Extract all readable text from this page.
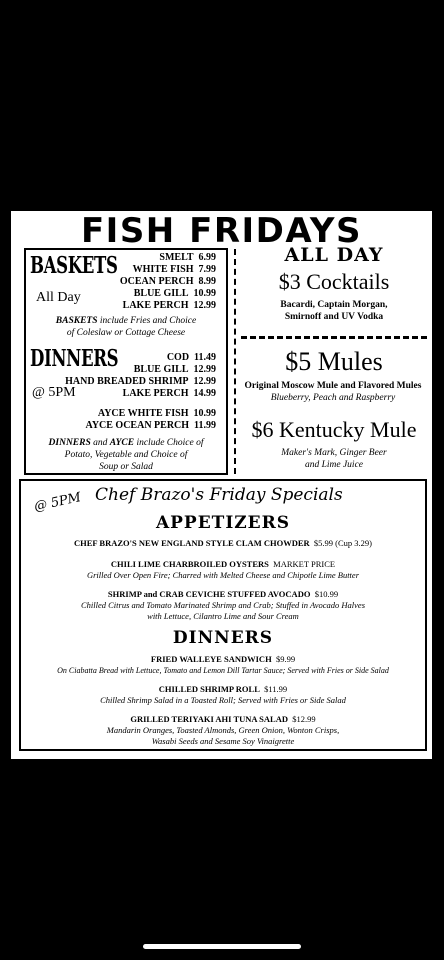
FISH FRIDAYS
BASKETS
All Day
SMELT 6.99
WHITE FISH 7.99
OCEAN PERCH 8.99
BLUE GILL 10.99
LAKE PERCH 12.99
BASKETS include Fries and Choice
of Coleslaw or Cottage Cheese
DINNERS
@ 5PM
COD 11.49
BLUE GILL 12.99
HAND BREADED SHRIMP 12.99
LAKE PERCH 14.99
AYCE WHITE FISH 10.99
AYCE OCEAN PERCH 11.99
DINNERS and AYCE include Choice of
Potato, Vegetable and Choice of
Soup or Salad
ALL DAY
$3 Cocktails
Bacardi, Captain Morgan,
Smirnoff and UV Vodka
$5 Mules
Original Moscow Mule and Flavored Mules
Blueberry, Peach and Raspberry
$6 Kentucky Mule
Maker's Mark, Ginger Beer
and Lime Juice
@ 5PM Chef Brazo's Friday Specials
APPETIZERS
CHEF BRAZO'S NEW ENGLAND STYLE CLAM CHOWDER $5.99 (Cup 3.29)
CHILI LIME CHARBROILED OYSTERS MARKET PRICE
Grilled Over Open Fire; Charred with Melted Cheese and Chipotle Lime Butter
SHRIMP and CRAB CEVICHE STUFFED AVOCADO $10.99
Chilled Citrus and Tomato Marinated Shrimp and Crab; Stuffed in Avocado Halves
with Lettuce, Cilantro Lime and Sour Cream
DINNERS
FRIED WALLEYE SANDWICH $9.99
On Ciabatta Bread with Lettuce, Tomato and Lemon Dill Tartar Sauce; Served with Fries or Side Salad
CHILLED SHRIMP ROLL $11.99
Chilled Shrimp Salad in a Toasted Roll; Served with Fries or Side Salad
GRILLED TERIYAKI AHI TUNA SALAD $12.99
Mandarin Oranges, Toasted Almonds, Green Onion, Wonton Crisps,
Wasabi Seeds and Sesame Soy Vinaigrette
